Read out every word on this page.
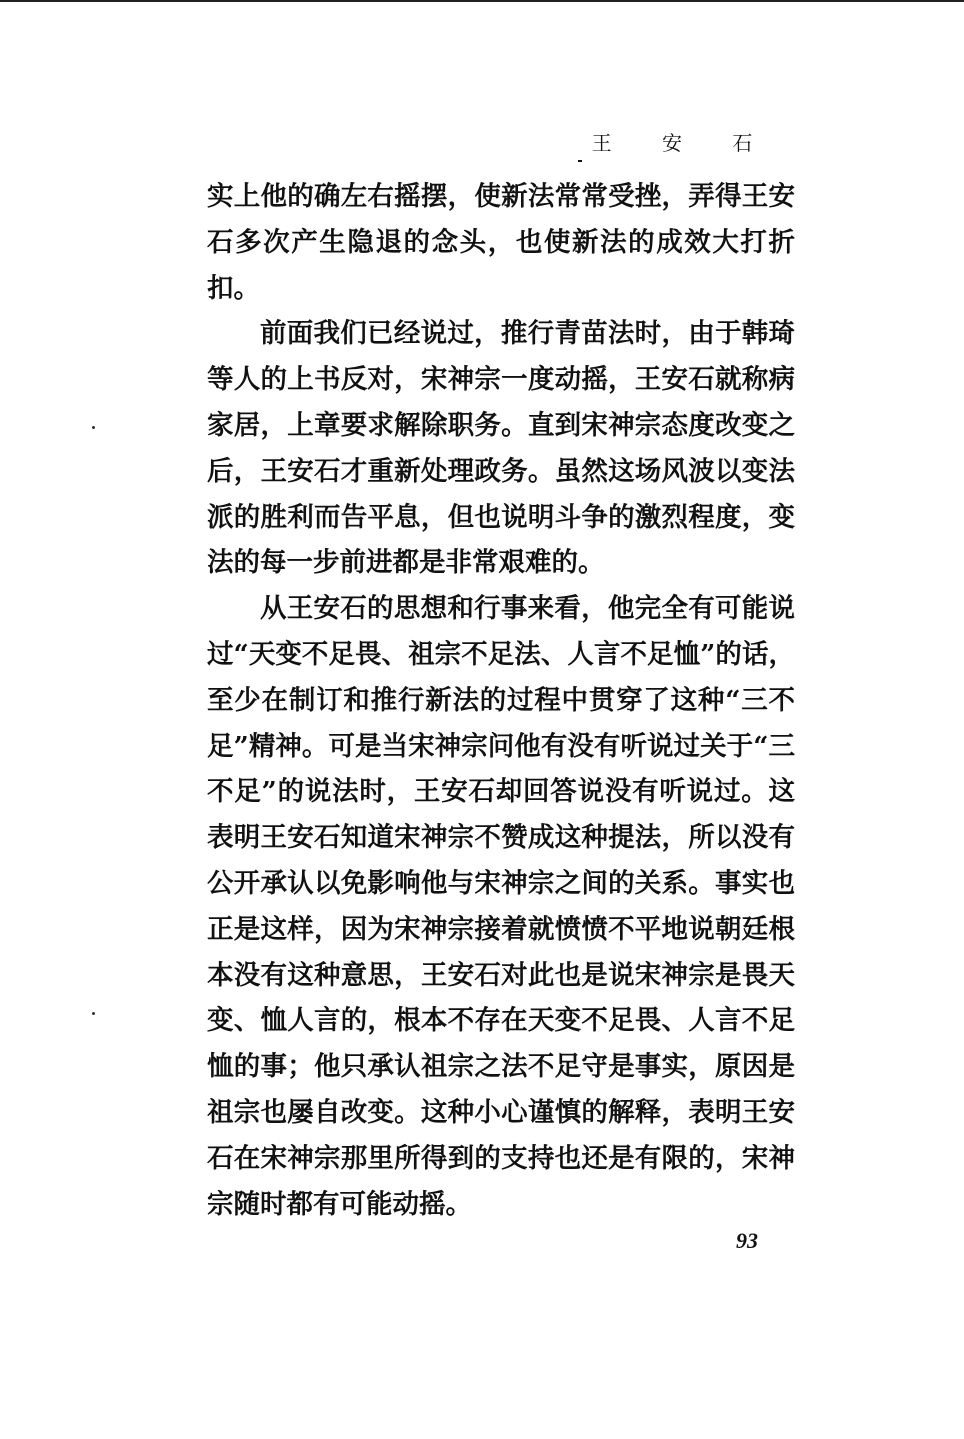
王 安 石

实上他的确左右摇摆，使新法常常受挫，弄得王安石多次产生隐退的念头，也使新法的成效大打折扣。

前面我们已经说过，推行青苗法时，由于韩琦等人的上书反对，宋神宗一度动摇，王安石就称病家居，上章要求解除职务。直到宋神宗态度改变之后，王安石才重新处理政务。虽然这场风波以变法派的胜利而告平息，但也说明斗争的激烈程度，变法的每一步前进都是非常艰难的。

从王安石的思想和行事来看，他完全有可能说过“天变不足畏、祖宗不足法、人言不足恤”的话，至少在制订和推行新法的过程中贯穿了这种“三不足”精神。可是当宋神宗问他有没有听说过关于“三不足”的说法时，王安石却回答说没有听说过。这表明王安石知道宋神宗不赞成这种提法，所以没有公开承认以免影响他与宋神宗之间的关系。事实也正是这样，因为宋神宗接着就愤愤不平地说朝廷根本没有这种意思，王安石对此也是说宋神宗是畏天变、恤人言的，根本不存在天变不足畏、人言不足恤的事；他只承认祖宗之法不足守是事实，原因是祖宗也屡自改变。这种小心谨慎的解释，表明王安石在宋神宗那里所得到的支持也还是有限的，宋神宗随时都有可能动摇。

93
